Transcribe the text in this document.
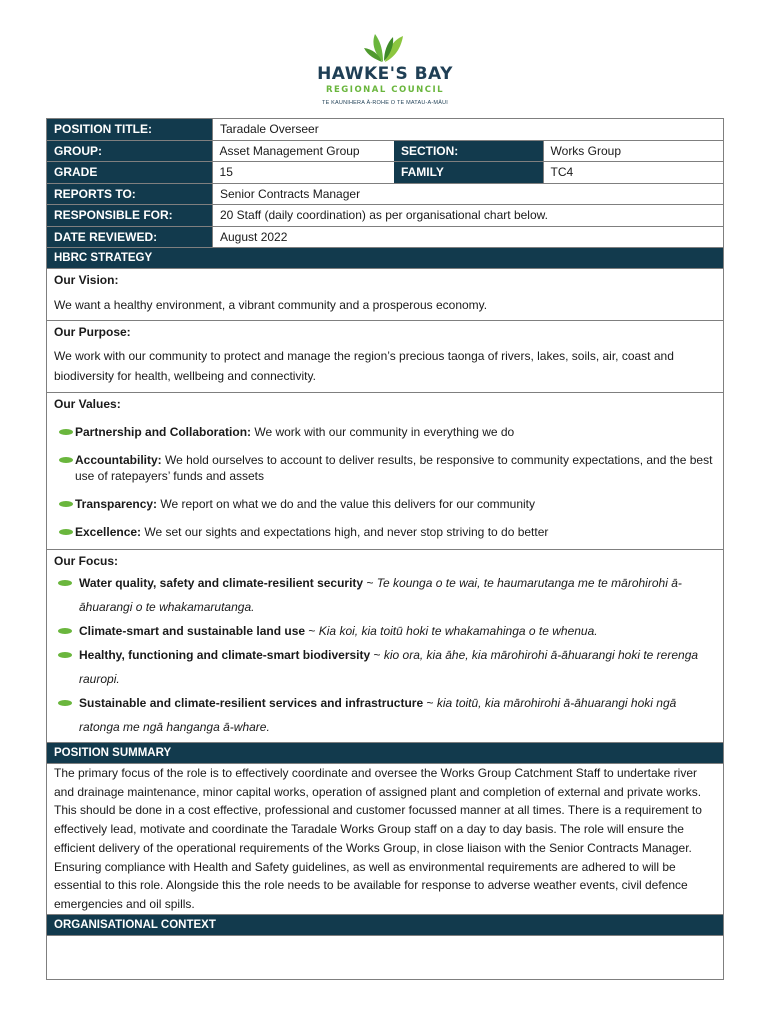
HAWKE'S BAY
REGIONAL COUNCIL
TE KAUNIHERA Ā-ROHE O TE MATAU-A-MĀUI
POSITION TITLE:	Taradale Overseer
GROUP:	Asset Management Group	SECTION:	Works Group
GRADE	15	FAMILY	TC4
REPORTS TO:	Senior Contracts Manager
RESPONSIBLE FOR:	20 Staff (daily coordination) as per organisational chart below.
DATE REVIEWED:	August 2022
HBRC STRATEGY
Our Vision:
We want a healthy environment, a vibrant community and a prosperous economy.
Our Purpose:
We work with our community to protect and manage the region’s precious taonga of rivers, lakes, soils, air, coast and biodiversity for health, wellbeing and connectivity.
Our Values:
Partnership and Collaboration: We work with our community in everything we do
Accountability: We hold ourselves to account to deliver results, be responsive to community expectations, and the best use of ratepayers’ funds and assets
Transparency: We report on what we do and the value this delivers for our community
Excellence: We set our sights and expectations high, and never stop striving to do better
Our Focus:
Water quality, safety and climate-resilient security ~ Te kounga o te wai, te haumarutanga me te mārohirohi ā-āhuarangi o te whakamarutanga.
Climate-smart and sustainable land use ~ Kia koi, kia toitū hoki te whakamahinga o te whenua.
Healthy, functioning and climate-smart biodiversity ~ kio ora, kia āhe, kia mārohirohi ā-āhuarangi hoki te rerenga rauropi.
Sustainable and climate-resilient services and infrastructure ~ kia toitū, kia mārohirohi ā-āhuarangi hoki ngā ratonga me ngā hanganga ā-whare.
POSITION SUMMARY
The primary focus of the role is to effectively coordinate and oversee the Works Group Catchment Staff to undertake river and drainage maintenance, minor capital works, operation of assigned plant and completion of external and private works. This should be done in a cost effective, professional and customer focussed manner at all times. There is a requirement to effectively lead, motivate and coordinate the Taradale Works Group staff on a day to day basis. The role will ensure the efficient delivery of the operational requirements of the Works Group, in close liaison with the Senior Contracts Manager. Ensuring compliance with Health and Safety guidelines, as well as environmental requirements are adhered to will be essential to this role. Alongside this the role needs to be available for response to adverse weather events, civil defence emergencies and oil spills.
ORGANISATIONAL CONTEXT
